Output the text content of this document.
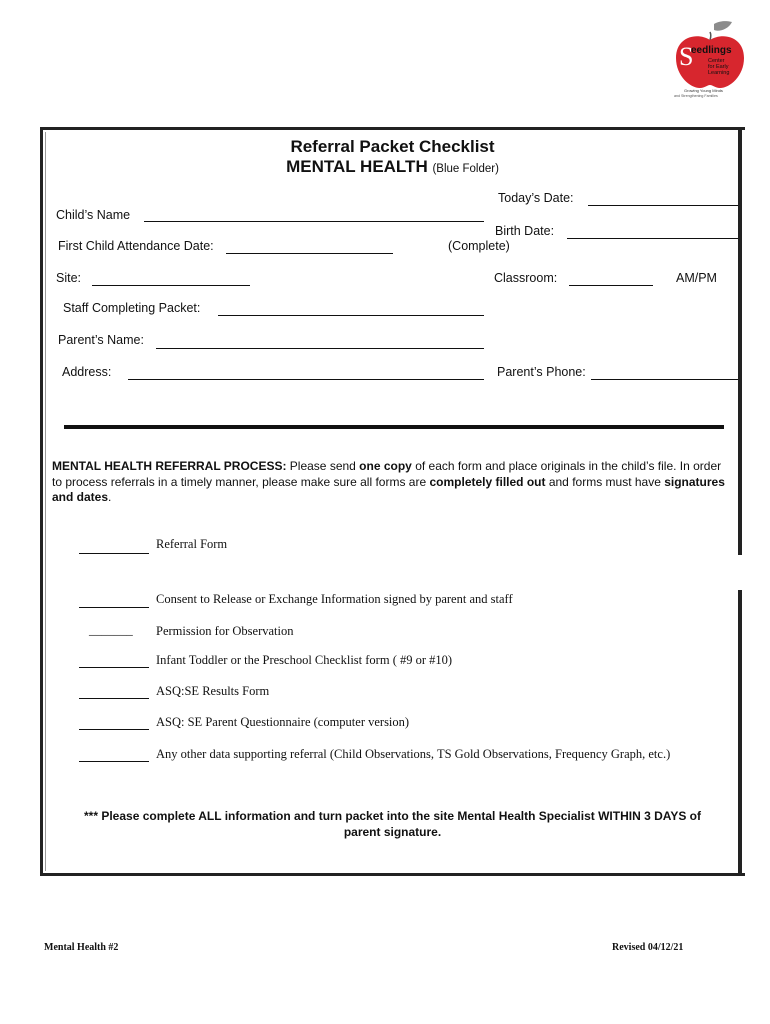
S
eedlings
Center
for Early
Learning
Growing Young Minds
and Strengthening Families
Referral Packet Checklist
MENTAL HEALTH (Blue Folder)
Today’s Date:
Child’s Name
Birth Date:
(Complete)
First Child Attendance Date:
Site:	Classroom:	AM/PM
Staff Completing Packet:
Parent’s Name:
Address:	Parent’s Phone:
MENTAL HEALTH REFERRAL PROCESS: Please send one copy of each form and place originals in the child’s file. In order to process referrals in a timely manner, please make sure all forms are completely filled out and forms must have signatures and dates.
Referral Form
Consent to Release or Exchange Information signed by parent and staff
_______ Permission for Observation
Infant Toddler or the Preschool Checklist form ( #9 or #10)
ASQ:SE Results Form
ASQ: SE Parent Questionnaire (computer version)
Any other data supporting referral (Child Observations, TS Gold Observations, Frequency Graph, etc.)
*** Please complete ALL information and turn packet into the site Mental Health Specialist WITHIN 3 DAYS of
parent signature.
Mental Health #2	Revised 04/12/21
